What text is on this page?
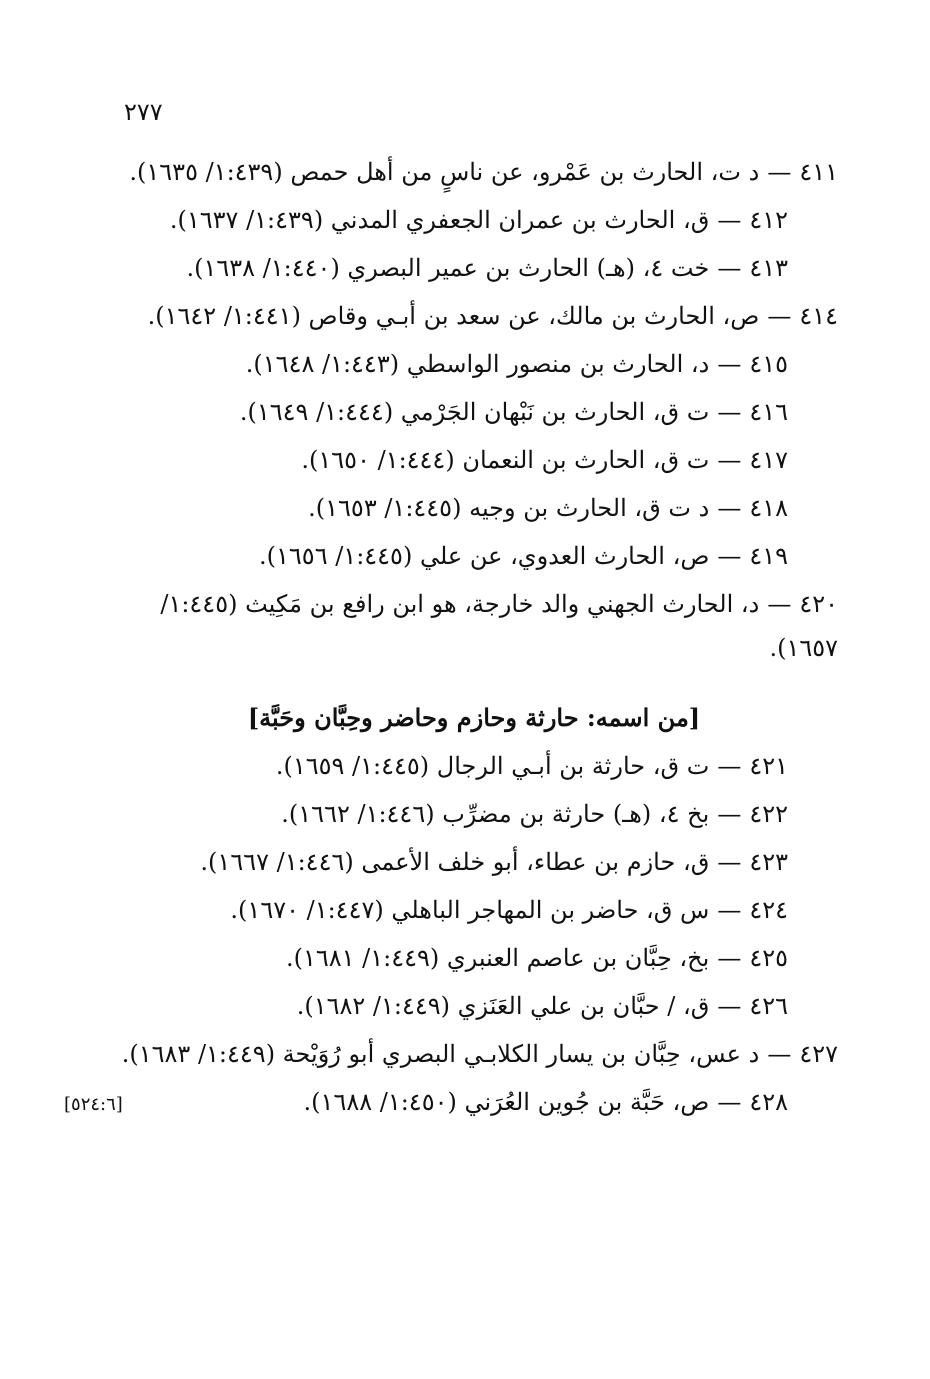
٢٧٧
٤١١—د ت، الحارث بن عَمْرو، عن ناسٍ من أهل حمص (١:٤٣٩/ ١٦٣٥).
٤١٢—ق، الحارث بن عمران الجعفري المدني (١:٤٣٩/ ١٦٣٧).
٤١٣—خت ٤، (هـ) الحارث بن عمير البصري (١:٤٤٠/ ١٦٣٨).
٤١٤—ص، الحارث بن مالك، عن سعد بن أبـي وقاص (١:٤٤١/ ١٦٤٢).
٤١٥—د، الحارث بن منصور الواسطي (١:٤٤٣/ ١٦٤٨).
٤١٦—ت ق، الحارث بن نَبْهان الجَرْمي (١:٤٤٤/ ١٦٤٩).
٤١٧—ت ق، الحارث بن النعمان (١:٤٤٤/ ١٦٥٠).
٤١٨—د ت ق، الحارث بن وجيه (١:٤٤٥/ ١٦٥٣).
٤١٩—ص، الحارث العدوي، عن علي (١:٤٤٥/ ١٦٥٦).
٤٢٠—د، الحارث الجهني والد خارجة، هو ابن رافع بن مَكِيث (١:٤٤٥/ ١٦٥٧).
[من اسمه: حارثة وحازم وحاضر وحِبَّان وحَبَّة]
٤٢١—ت ق، حارثة بن أبـي الرجال (١:٤٤٥/ ١٦٥٩).
٤٢٢—بخ ٤، (هـ) حارثة بن مضرِّب (١:٤٤٦/ ١٦٦٢).
٤٢٣—ق، حازم بن عطاء، أبو خلف الأعمى (١:٤٤٦/ ١٦٦٧).
٤٢٤—س ق، حاضر بن المهاجر الباهلي (١:٤٤٧/ ١٦٧٠).
٤٢٥—بخ، حِبَّان بن عاصم العنبري (١:٤٤٩/ ١٦٨١).
٤٢٦—ق، / حبَّان بن علي العَنَزي (١:٤٤٩/ ١٦٨٢).
٤٢٧—د عس، حِبَّان بن يسار الكلابـي البصري أبو رُوَيْحة (١:٤٤٩/ ١٦٨٣).
٤٢٨—ص، حَبَّة بن جُوين العُرَني (١:٤٥٠/ ١٦٨٨).
[٥٢٤:٦]
